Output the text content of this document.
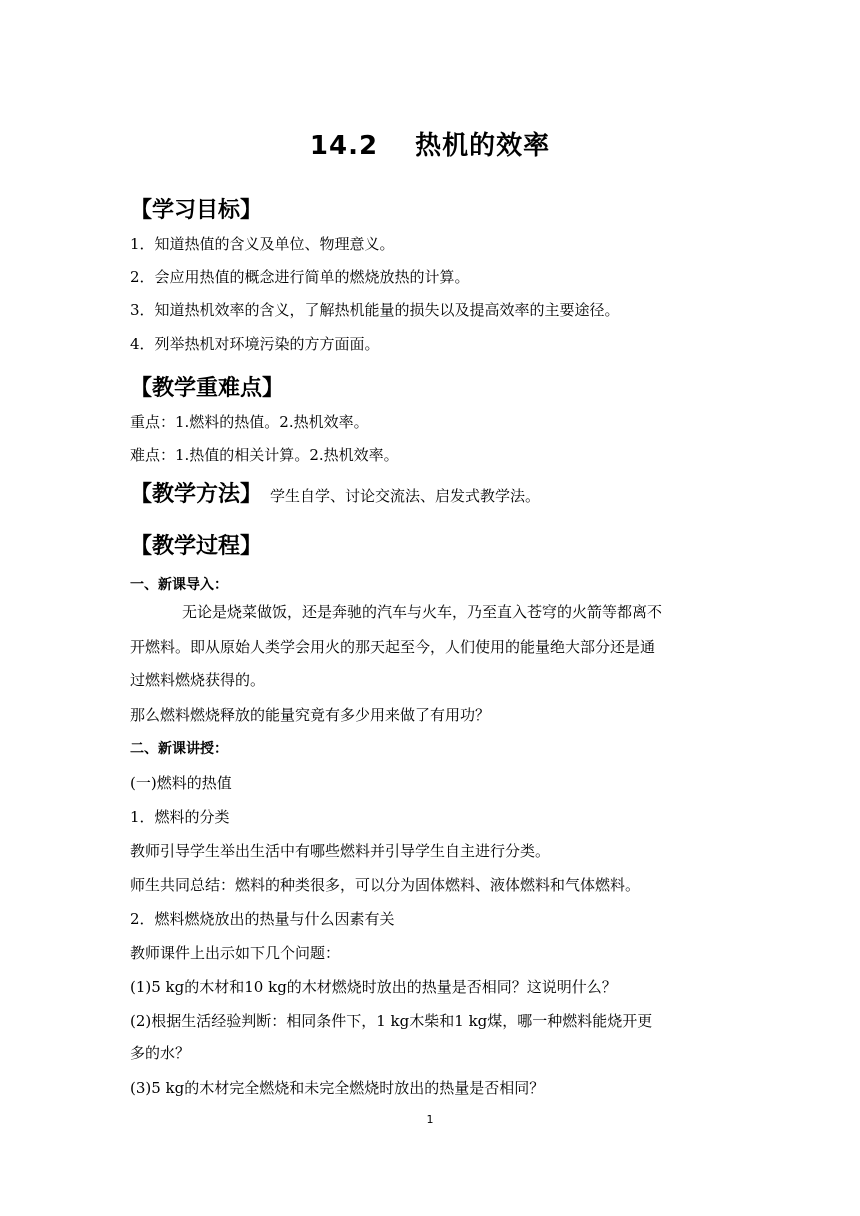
14.2　 热机的效率
【学习目标】
1．知道热值的含义及单位、物理意义。
2．会应用热值的概念进行简单的燃烧放热的计算。
3．知道热机效率的含义，了解热机能量的损失以及提高效率的主要途径。
4．列举热机对环境污染的方方面面。
【教学重难点】
重点：1.燃料的热值。2.热机效率。
难点：1.热值的相关计算。2.热机效率。
【教学方法】 学生自学、讨论交流法、启发式教学法。
【教学过程】
一、新课导入：
无论是烧菜做饭，还是奔驰的汽车与火车，乃至直入苍穹的火箭等都离不
开燃料。即从原始人类学会用火的那天起至今，人们使用的能量绝大部分还是通
过燃料燃烧获得的。
那么燃料燃烧释放的能量究竟有多少用来做了有用功？
二、新课讲授：
(一)燃料的热值
1．燃料的分类
教师引导学生举出生活中有哪些燃料并引导学生自主进行分类。
师生共同总结：燃料的种类很多，可以分为固体燃料、液体燃料和气体燃料。
2．燃料燃烧放出的热量与什么因素有关
教师课件上出示如下几个问题：
(1)5 kg的木材和10 kg的木材燃烧时放出的热量是否相同？这说明什么？
(2)根据生活经验判断：相同条件下，1 kg木柴和1 kg煤，哪一种燃料能烧开更
多的水？
(3)5 kg的木材完全燃烧和未完全燃烧时放出的热量是否相同？
1
